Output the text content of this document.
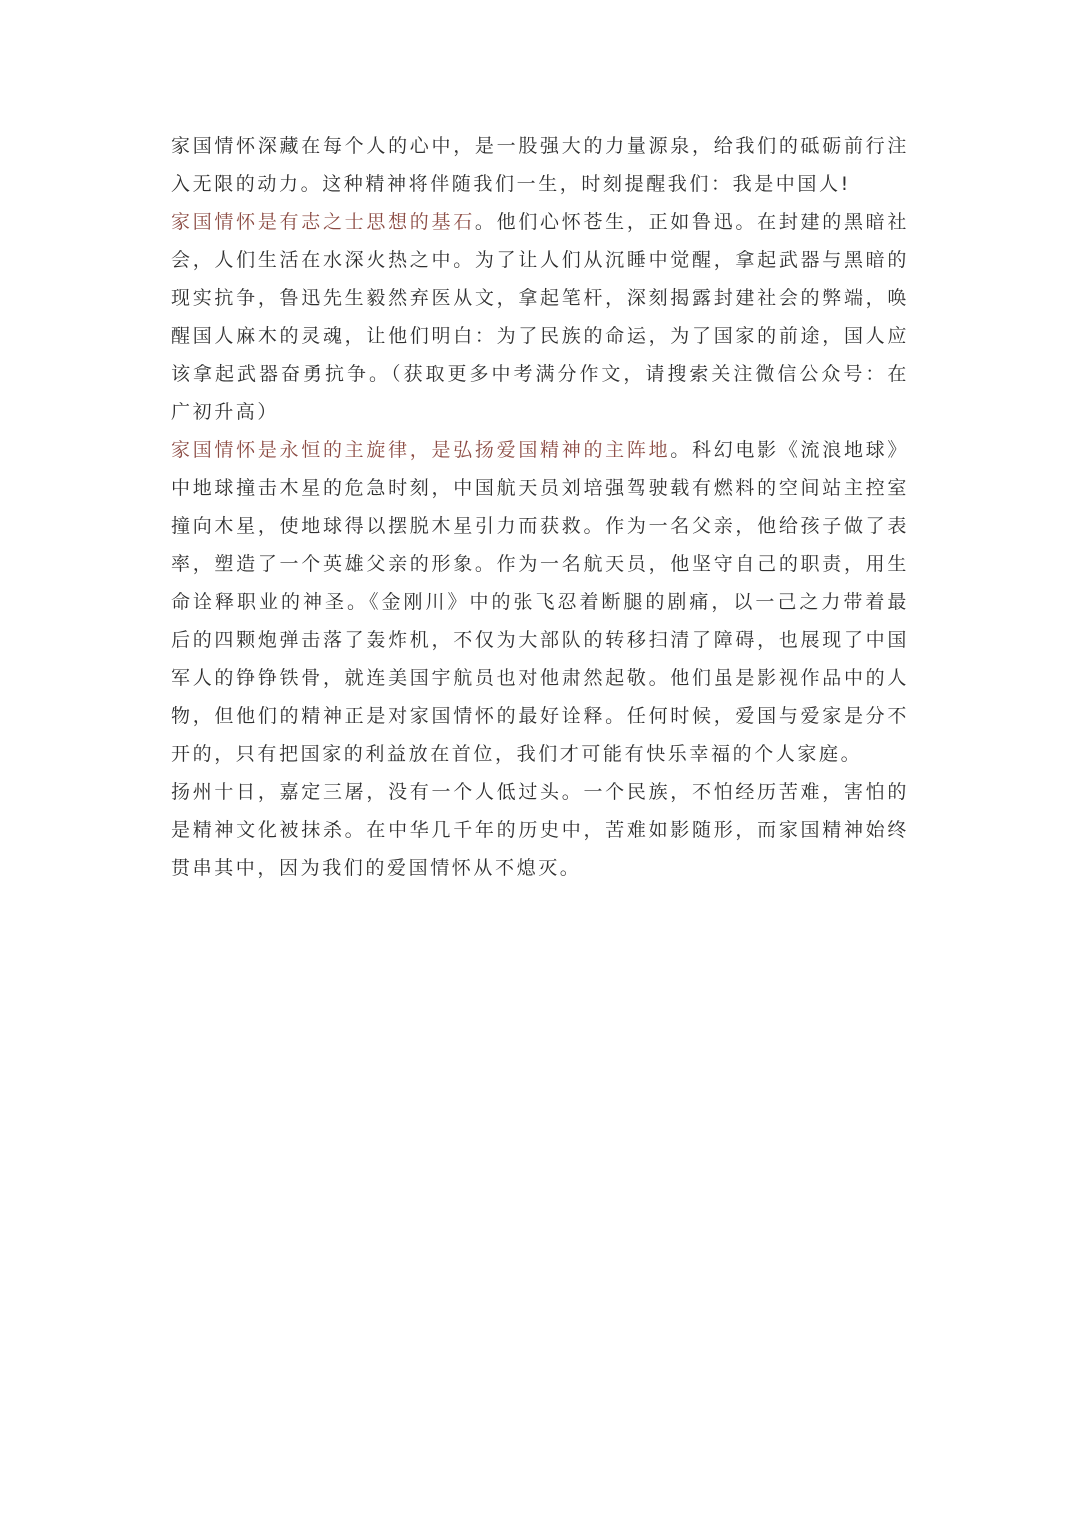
家国情怀深藏在每个人的心中，是一股强大的力量源泉，给我们的砥砺前行注入无限的动力。这种精神将伴随我们一生，时刻提醒我们：我是中国人!

家国情怀是有志之士思想的基石。他们心怀苍生，正如鲁迅。在封建的黑暗社会，人们生活在水深火热之中。为了让人们从沉睡中觉醒，拿起武器与黑暗的现实抗争，鲁迅先生毅然弃医从文，拿起笔杆，深刻揭露封建社会的弊端，唤醒国人麻木的灵魂，让他们明白：为了民族的命运，为了国家的前途，国人应该拿起武器奋勇抗争。（获取更多中考满分作文，请搜索关注微信公众号：在广初升高）

家国情怀是永恒的主旋律，是弘扬爱国精神的主阵地。科幻电影《流浪地球》中地球撞击木星的危急时刻，中国航天员刘培强驾驶载有燃料的空间站主控室撞向木星，使地球得以摆脱木星引力而获救。作为一名父亲，他给孩子做了表率，塑造了一个英雄父亲的形象。作为一名航天员，他坚守自己的职责，用生命诠释职业的神圣。《金刚川》中的张飞忍着断腿的剧痛，以一己之力带着最后的四颗炮弹击落了轰炸机，不仅为大部队的转移扫清了障碍，也展现了中国军人的铮铮铁骨，就连美国宇航员也对他肃然起敬。他们虽是影视作品中的人物，但他们的精神正是对家国情怀的最好诠释。任何时候，爱国与爱家是分不开的，只有把国家的利益放在首位，我们才可能有快乐幸福的个人家庭。

扬州十日，嘉定三屠，没有一个人低过头。一个民族，不怕经历苦难，害怕的是精神文化被抹杀。在中华几千年的历史中，苦难如影随形，而家国精神始终贯串其中，因为我们的爱国情怀从不熄灭。
